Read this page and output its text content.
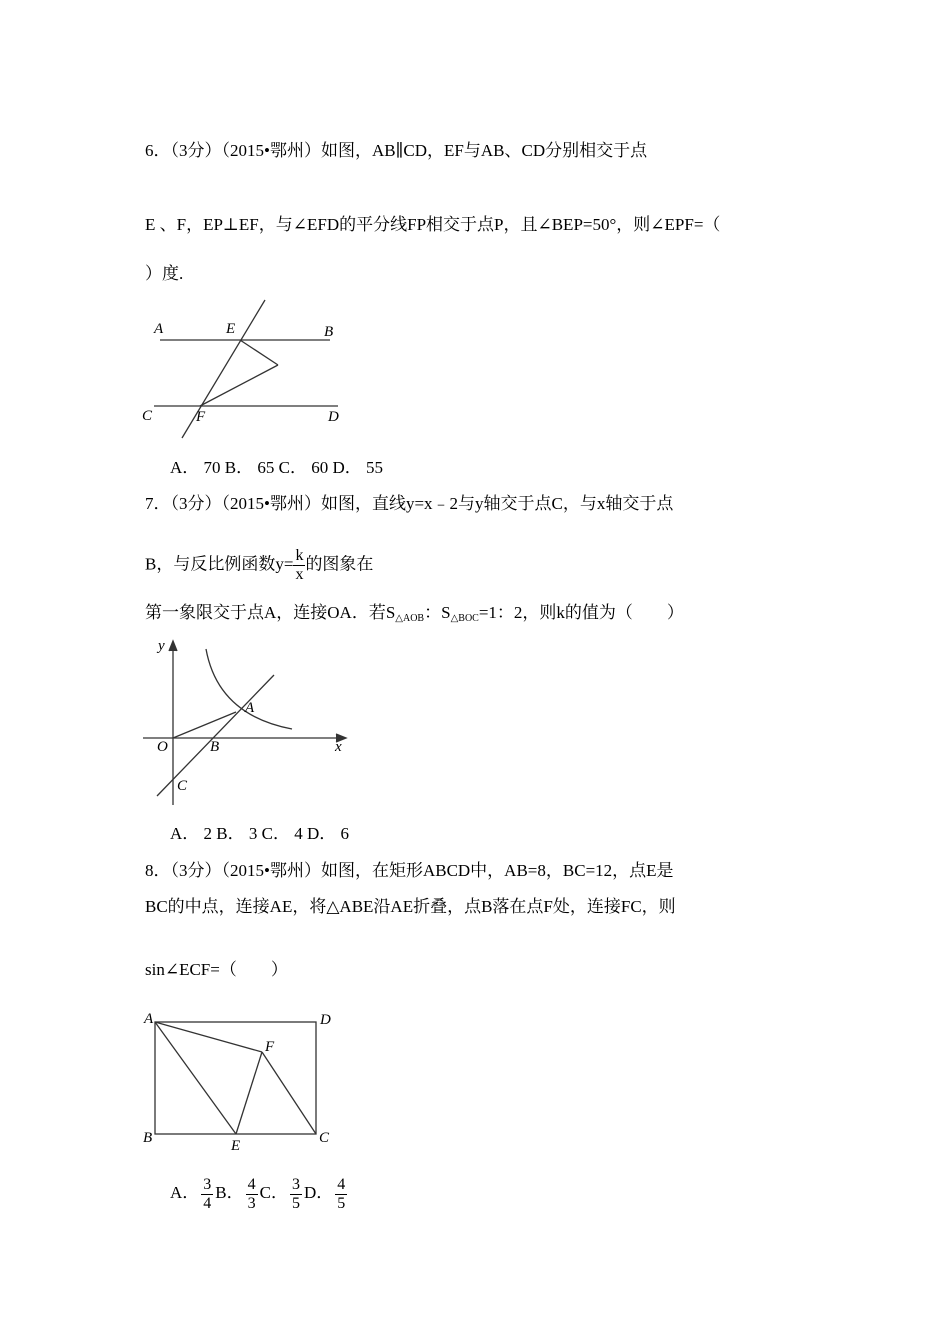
6．（3分）（2015•鄂州）如图，AB∥CD，EF与AB、CD分别相交于点
E 、F，EP⊥EF，与∠EFD的平分线FP相交于点P，且∠BEP=50°，则∠EPF=（
）度.
A	E	B
C	F	D
A． 70 B． 65 C． 60 D． 55
7．（3分）（2015•鄂州）如图，直线y=x﹣2与y轴交于点C，与x轴交于点
B，与反比例函数$y= \frac{k}{x}$ 的图象在
第一象限交于点A，连接OA．若$S_{\triangle AOB}$：$S_{\triangle BOC}=1$：2，则k的值为（　　）
y
x
O
A
B
C
A． 2 B． 3 C． 4 D． 6
8．（3分）（2015•鄂州）如图，在矩形ABCD中，AB=8，BC=12，点E是
BC的中点，连接AE，将△ABE沿AE折叠，点B落在点F处，连接FC，则
sin∠ECF=（　　）
A	D
F
B	E	C
A． $\frac{3}{4}$ B． $\frac{4}{3}$ C． $\frac{3}{5}$ D． $\frac{4}{5}$
